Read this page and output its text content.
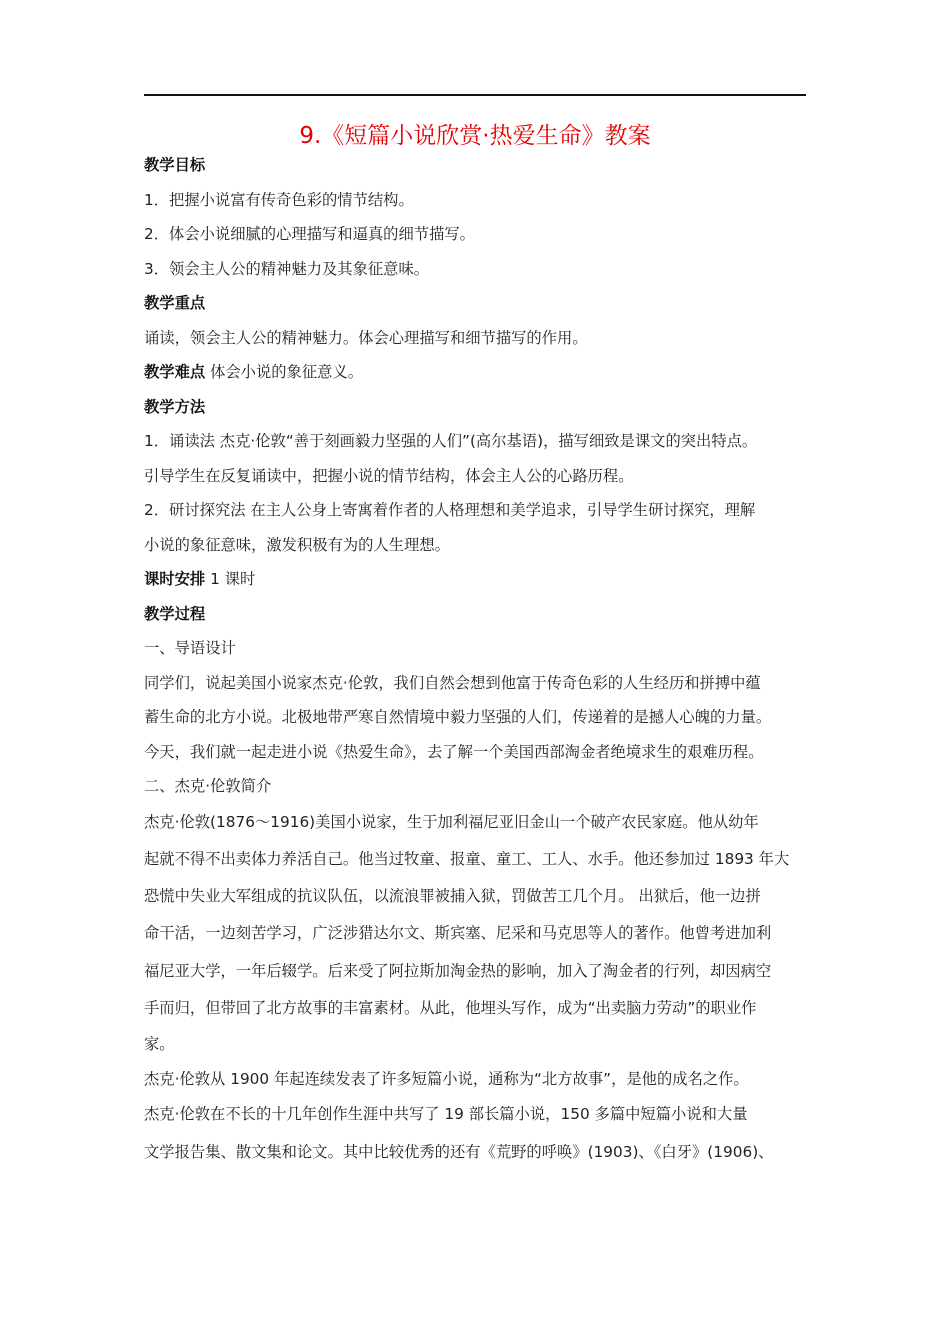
9.《短篇小说欣赏·热爱生命》教案
教学目标
1．把握小说富有传奇色彩的情节结构。
2．体会小说细腻的心理描写和逼真的细节描写。
3．领会主人公的精神魅力及其象征意味。
教学重点
诵读，领会主人公的精神魅力。体会心理描写和细节描写的作用。
教学难点 体会小说的象征意义。
教学方法
1．诵读法 杰克·伦敦“善于刻画毅力坚强的人们”(高尔基语)，描写细致是课文的突出特点。
引导学生在反复诵读中，把握小说的情节结构，体会主人公的心路历程。
2．研讨探究法 在主人公身上寄寓着作者的人格理想和美学追求，引导学生研讨探究，理解
小说的象征意味，激发积极有为的人生理想。
课时安排 1 课时
教学过程
一、导语设计
同学们，说起美国小说家杰克·伦敦，我们自然会想到他富于传奇色彩的人生经历和拼搏中蕴
蓄生命的北方小说。北极地带严寒自然情境中毅力坚强的人们，传递着的是撼人心魄的力量。
今天，我们就一起走进小说《热爱生命》，去了解一个美国西部淘金者绝境求生的艰难历程。
二、杰克·伦敦简介
杰克·伦敦(1876～1916)美国小说家，生于加利福尼亚旧金山一个破产农民家庭。他从幼年
起就不得不出卖体力养活自己。他当过牧童、报童、童工、工人、水手。他还参加过 1893 年大
恐慌中失业大军组成的抗议队伍，以流浪罪被捕入狱，罚做苦工几个月。 出狱后，他一边拼
命干活，一边刻苦学习，广泛涉猎达尔文、斯宾塞、尼采和马克思等人的著作。他曾考进加利
福尼亚大学，一年后辍学。后来受了阿拉斯加淘金热的影响，加入了淘金者的行列，却因病空
手而归，但带回了北方故事的丰富素材。从此，他埋头写作，成为“出卖脑力劳动”的职业作
家。
杰克·伦敦从 1900 年起连续发表了许多短篇小说，通称为“北方故事”，是他的成名之作。
杰克·伦敦在不长的十几年创作生涯中共写了 19 部长篇小说，150 多篇中短篇小说和大量
文学报告集、散文集和论文。其中比较优秀的还有《荒野的呼唤》(1903)、《白牙》(1906)、
